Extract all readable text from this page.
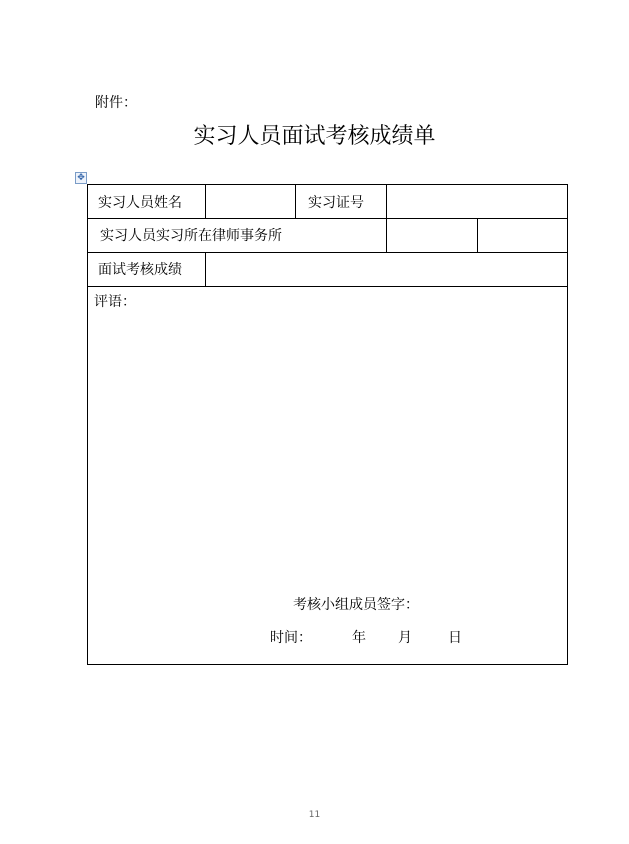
附件：
实习人员面试考核成绩单
✥
实习人员姓名	实习证号
实习人员实习所在律师事务所
面试考核成绩
评语：
考核小组成员签字：
时间：	年 月	日
11
